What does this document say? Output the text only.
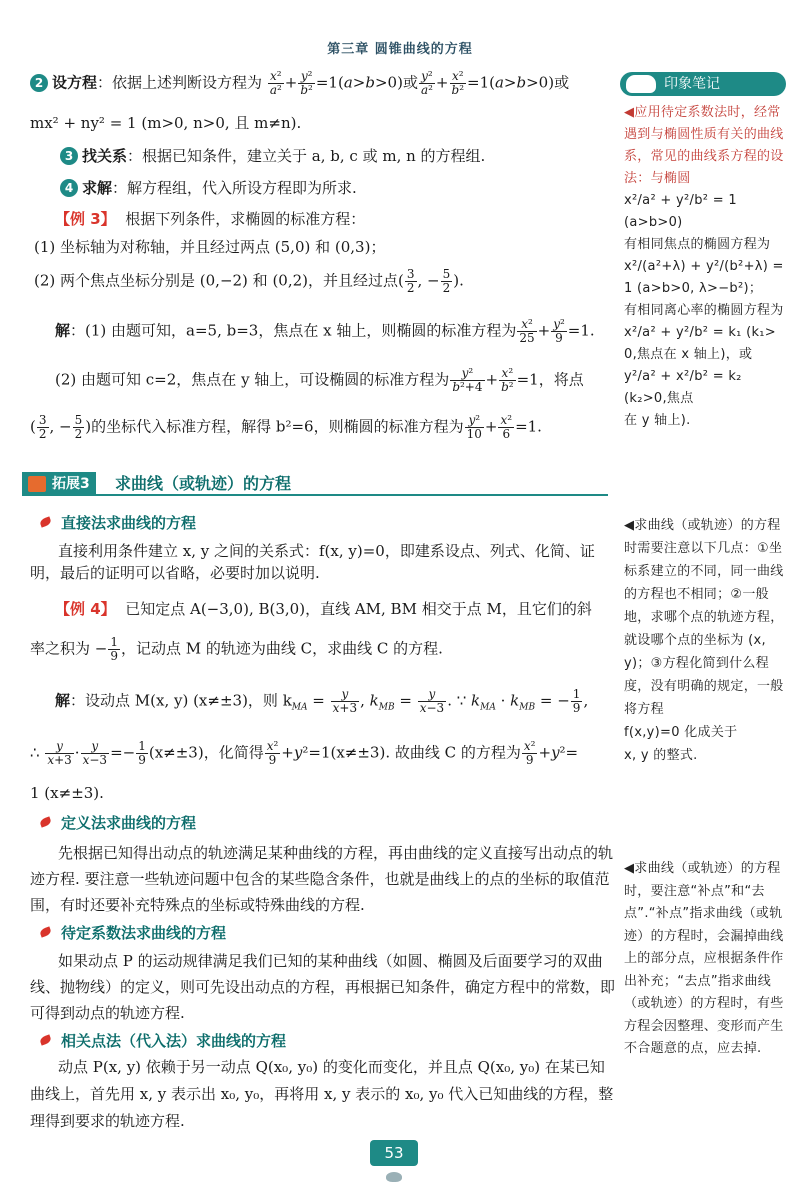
第三章 圆锥曲线的方程
印象笔记
2 设方程：依据上述判断设方程为 $\frac{\text{x²}}{\text{a²}} + \frac{\text{y²}}{\text{b²}} =1(a>b>0)$或 $\frac{\text{y²}}{\text{a²}} + \frac{\text{x²}}{\text{b²}} =1(a>b>0)$或
mx² + ny² = 1 (m>0, n>0, 且 m≠n).
3 找关系：根据已知条件，建立关于 a, b, c 或 m, n 的方程组.
4 求解：解方程组，代入所设方程即为所求.
【例 3】 根据下列条件，求椭圆的标准方程：
(1) 坐标轴为对称轴，并且经过两点 (5,0) 和 (0,3)；
(2) 两个焦点坐标分别是 (0,−2) 和 (0,2)，并且经过点( $\frac{3}{2}$ , − $\frac{5}{2}$ ).
解：(1) 由题可知，a=5, b=3，焦点在 x 轴上，则椭圆的标准方程为 $\frac{\text{x²}}{25} + \frac{\text{y²}}{9} =1$.
(2) 由题可知 c=2，焦点在 y 轴上，可设椭圆的标准方程为 $\frac{\text{y²}}{\text{b²+4}} + \frac{\text{x²}}{\text{b²}} =1$，将点
( $\frac{3}{2}$ , − $\frac{5}{2}$ )的坐标代入标准方程，解得 b²=6，则椭圆的标准方程为 $\frac{\text{y²}}{10} + \frac{\text{x²}}{6} =1$.
拓展3	求曲线（或轨迹）的方程
直接法求曲线的方程
直接利用条件建立 x, y 之间的关系式：f(x, y)=0，即建系设点、列式、化简、证明，最后的证明可以省略，必要时加以说明.
【例 4】 已知定点 A(−3,0), B(3,0)，直线 AM, BM 相交于点 M，且它们的斜
率之积为 − $\frac{1}{9}$ ，记动点 M 的轨迹为曲线 C，求曲线 C 的方程.
解：设动点 M(x, y) (x≠±3)，则 $k_{MA} = \frac{y}{x+3}$ , $k_{MB} = \frac{y}{x-3}$ . ∵ $k_{MA} \cdot k_{MB}$ = − $\frac{1}{9}$ ,
∴ $\frac{y}{x+3} \cdot \frac{y}{x-3} =- \frac{1}{9} (x\ne\pm 3)$，化简得 $\frac{\text{x²}}{9} +y^2=1(x\ne\pm 3)$. 故曲线 C 的方程为 $\frac{\text{x²}}{9} +y^2=$
1 (x≠±3).
定义法求曲线的方程
先根据已知得出动点的轨迹满足某种曲线的方程，再由曲线的定义直接写出动点的轨迹方程. 要注意一些轨迹问题中包含的某些隐含条件，也就是曲线上的点的坐标的取值范围，有时还要补充特殊点的坐标或特殊曲线的方程.
待定系数法求曲线的方程
如果动点 P 的运动规律满足我们已知的某种曲线（如圆、椭圆及后面要学习的双曲线、抛物线）的定义，则可先设出动点的方程，再根据已知条件，确定方程中的常数，即可得到动点的轨迹方程.
相关点法（代入法）求曲线的方程
动点 P(x, y) 依赖于另一动点 Q(x₀, y₀) 的变化而变化，并且点 Q(x₀, y₀) 在某已知曲线上，首先用 x, y 表示出 x₀, y₀，再将用 x, y 表示的 x₀, y₀ 代入已知曲线的方程，整理得到要求的轨迹方程.
◀应用待定系数法时，经常遇到与椭圆性质有关的曲线系，常见的曲线系方程的设法：与椭圆
x²/a² + y²/b² = 1 (a>b>0)
有相同焦点的椭圆方程为
x²/(a²+λ) + y²/(b²+λ) =
1 (a>b>0, λ>−b²)；
有相同离心率的椭圆方程为
x²/a² + y²/b² = k₁ (k₁>
0,焦点在 x 轴上)，或
y²/a² + x²/b² = k₂ (k₂>0,焦点
在 y 轴上).
◀求曲线（或轨迹）的方程时需要注意以下几点：①坐标系建立的不同，同一曲线的方程也不相同；②一般地，求哪个点的轨迹方程，就设哪个点的坐标为 (x, y)；③方程化简到什么程度，没有明确的规定，一般将方程
f(x,y)=0 化成关于
x, y 的整式.
◀求曲线（或轨迹）的方程时，要注意“补点”和“去点”.“补点”指求曲线（或轨迹）的方程时，会漏掉曲线上的部分点，应根据条件作出补充；“去点”指求曲线（或轨迹）的方程时，有些方程会因整理、变形而产生不合题意的点，应去掉.
53
